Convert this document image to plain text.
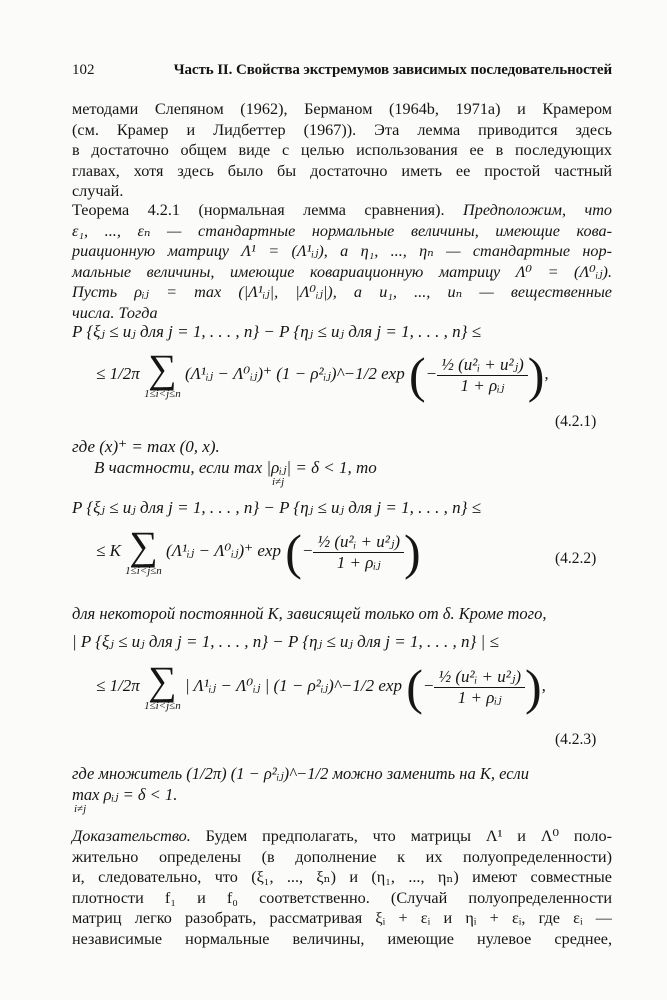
102	Часть II. Свойства экстремумов зависимых последовательностей
методами Слепяном (1962), Берманом (1964b, 1971a) и Крамером
(см. Крамер и Лидбеттер (1967)). Эта лемма приводится здесь
в достаточно общем виде с целью использования ее в последующих
главах, хотя здесь было бы достаточно иметь ее простой частный
случай.
Теорема 4.2.1 (нормальная лемма сравнения). Предположим, что
ε₁, ..., εₙ — стандартные нормальные величины, имеющие кова-
риационную матрицу Λ¹ = (Λ¹ᵢⱼ), а η₁, ..., ηₙ — стандартные нор-
мальные величины, имеющие ковариационную матрицу Λ⁰ = (Λ⁰ᵢⱼ).
Пусть ρᵢⱼ = max (|Λ¹ᵢⱼ|, |Λ⁰ᵢⱼ|), а u₁, ..., uₙ — вещественные
числа. Тогда
P {ξⱼ ≤ uⱼ для j = 1, . . . , n} − P {ηⱼ ≤ uⱼ для j = 1, . . . , n} ≤
≤ 1/2π ∑
1≤i<j≤n
(Λ¹ᵢⱼ − Λ⁰ᵢⱼ)⁺ (1 − ρ²ᵢⱼ)^−1/2 exp (− $\frac{\text{½ (u²ᵢ + u²ⱼ)}}{\text{1 + ρᵢⱼ}}$ ),
(4.2.1)
где (x)⁺ = max (0, x).
В частности, если max |ρᵢⱼ| = δ < 1, то
i≠j
P {ξⱼ ≤ uⱼ для j = 1, . . . , n} − P {ηⱼ ≤ uⱼ для j = 1, . . . , n} ≤
≤ K ∑
1≤i<j≤n
(Λ¹ᵢⱼ − Λ⁰ᵢⱼ)⁺ exp (− $\frac{\text{½ (u²ᵢ + u²ⱼ)}}{\text{1 + ρᵢⱼ}}$ )	(4.2.2)
для некоторой постоянной K, зависящей только от δ. Кроме того,
| P {ξⱼ ≤ uⱼ для j = 1, . . . , n} − P {ηⱼ ≤ uⱼ для j = 1, . . . , n} | ≤
≤ 1/2π ∑
1≤i<j≤n
| Λ¹ᵢⱼ − Λ⁰ᵢⱼ | (1 − ρ²ᵢⱼ)^−1/2 exp (− $\frac{\text{½ (u²ᵢ + u²ⱼ)}}{\text{1 + ρᵢⱼ}}$ ),
(4.2.3)
где множитель (1/2π) (1 − ρ²ᵢⱼ)^−1/2 можно заменить на K, если
max ρᵢⱼ = δ < 1.
i≠j
Доказательство. Будем предполагать, что матрицы Λ¹ и Λ⁰ поло-
жительно определены (в дополнение к их полуопределенности)
и, следовательно, что (ξ₁, ..., ξₙ) и (η₁, ..., ηₙ) имеют совместные
плотности f₁ и f₀ соответственно. (Случай полуопределенности
матриц легко разобрать, рассматривая ξᵢ + εᵢ и ηᵢ + εᵢ, где εᵢ —
независимые нормальные величины, имеющие нулевое среднее,
